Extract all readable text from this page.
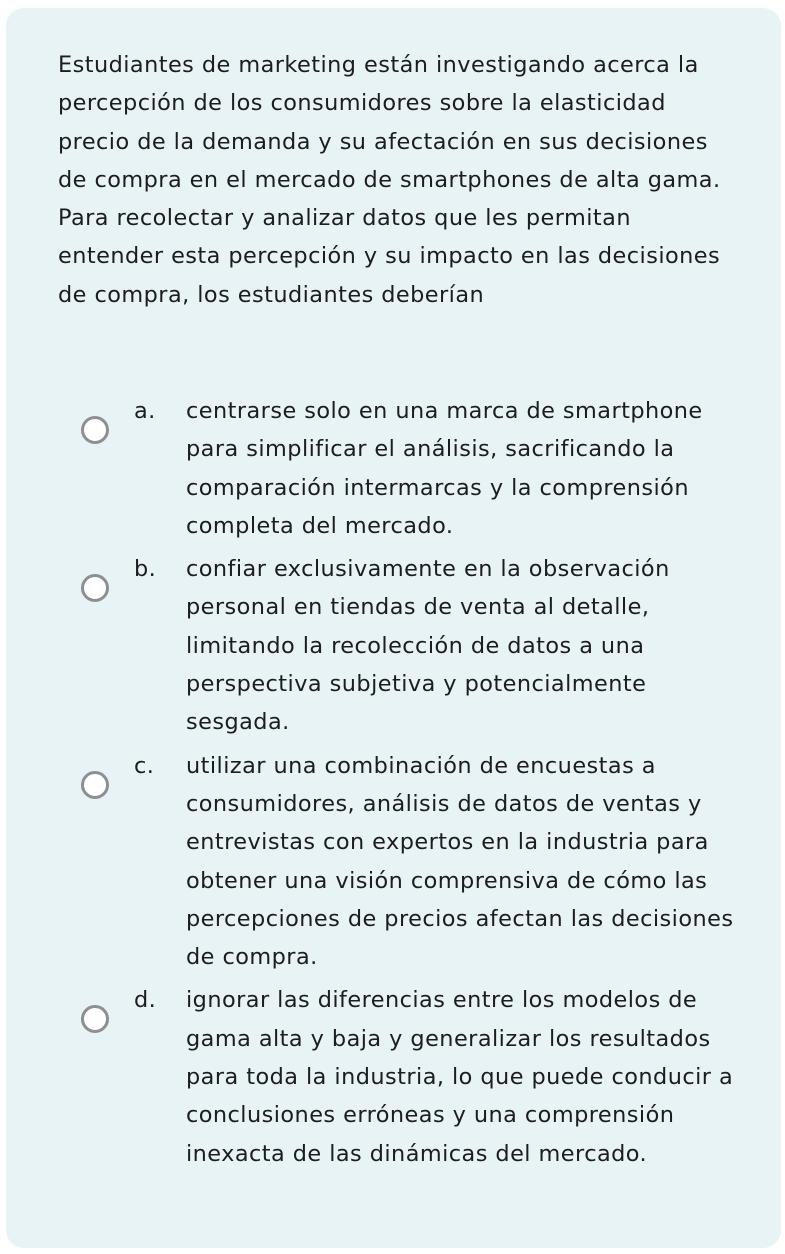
Estudiantes de marketing están investigando acerca la percepción de los consumidores sobre la elasticidad precio de la demanda y su afectación en sus decisiones de compra en el mercado de smartphones de alta gama. Para recolectar y analizar datos que les permitan entender esta percepción y su impacto en las decisiones de compra, los estudiantes deberían

a.	centrarse solo en una marca de smartphone para simplificar el análisis, sacrificando la comparación intermarcas y la comprensión completa del mercado.
b.	confiar exclusivamente en la observación personal en tiendas de venta al detalle, limitando la recolección de datos a una perspectiva subjetiva y potencialmente sesgada.
c.	utilizar una combinación de encuestas a consumidores, análisis de datos de ventas y entrevistas con expertos en la industria para obtener una visión comprensiva de cómo las percepciones de precios afectan las decisiones de compra.
d.	ignorar las diferencias entre los modelos de gama alta y baja y generalizar los resultados para toda la industria, lo que puede conducir a conclusiones erróneas y una comprensión inexacta de las dinámicas del mercado.
